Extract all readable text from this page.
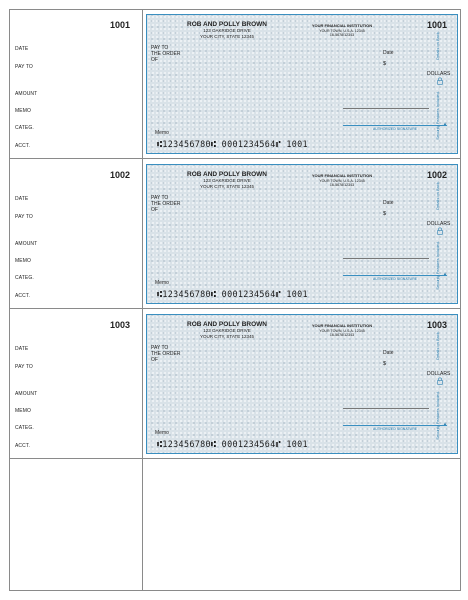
1001
DATE
PAY TO
AMOUNT
MEMO
CATEG.
ACCT.
1001
ROB AND POLLY BROWN
123 OAKRIDGE DRIVE
YOUR CITY, STATE 12345
YOUR FINANCIAL INSTITUTION
YOUR TOWN, U.S.A. 12345
16-5678/12343
PAY TO
THE ORDER
OF
Date
$
DOLLARS
AUTHORIZED SIGNATURE
▲
Memo
⑆123456780⑆ 0001234564⑈ 1001
Details on Back.
Security Features Included.
1002
DATE
PAY TO
AMOUNT
MEMO
CATEG.
ACCT.
1002
ROB AND POLLY BROWN
123 OAKRIDGE DRIVE
YOUR CITY, STATE 12345
YOUR FINANCIAL INSTITUTION
YOUR TOWN, U.S.A. 12345
16-5678/12343
PAY TO
THE ORDER
OF
Date
$
DOLLARS
AUTHORIZED SIGNATURE
▲
Memo
⑆123456780⑆ 0001234564⑈ 1001
Details on Back.
Security Features Included.
1003
DATE
PAY TO
AMOUNT
MEMO
CATEG.
ACCT.
1003
ROB AND POLLY BROWN
123 OAKRIDGE DRIVE
YOUR CITY, STATE 12345
YOUR FINANCIAL INSTITUTION
YOUR TOWN, U.S.A. 12345
16-5678/12343
PAY TO
THE ORDER
OF
Date
$
DOLLARS
AUTHORIZED SIGNATURE
▲
Memo
⑆123456780⑆ 0001234564⑈ 1001
Details on Back.
Security Features Included.
